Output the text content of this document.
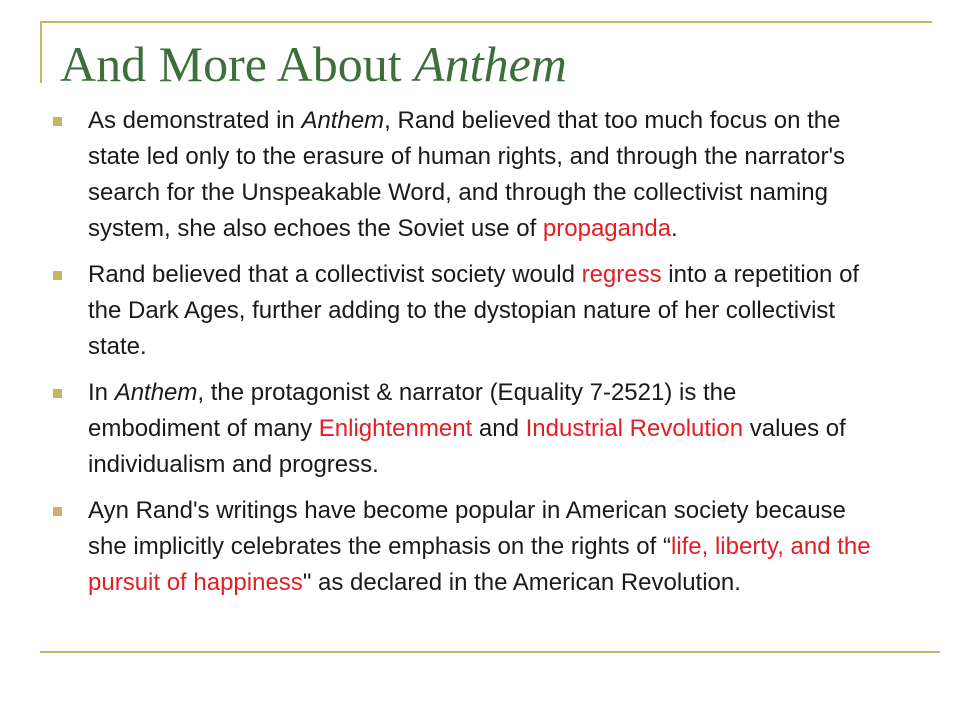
And More About Anthem
As demonstrated in Anthem, Rand believed that too much focus on the state led only to the erasure of human rights, and through the narrator's search for the Unspeakable Word, and through the collectivist naming system, she also echoes the Soviet use of propaganda.
Rand believed that a collectivist society would regress into a repetition of the Dark Ages, further adding to the dystopian nature of her collectivist state.
In Anthem, the protagonist & narrator (Equality 7-2521) is the embodiment of many Enlightenment and Industrial Revolution values of individualism and progress.
Ayn Rand's writings have become popular in American society because she implicitly celebrates the emphasis on the rights of “life, liberty, and the pursuit of happiness" as declared in the American Revolution.
